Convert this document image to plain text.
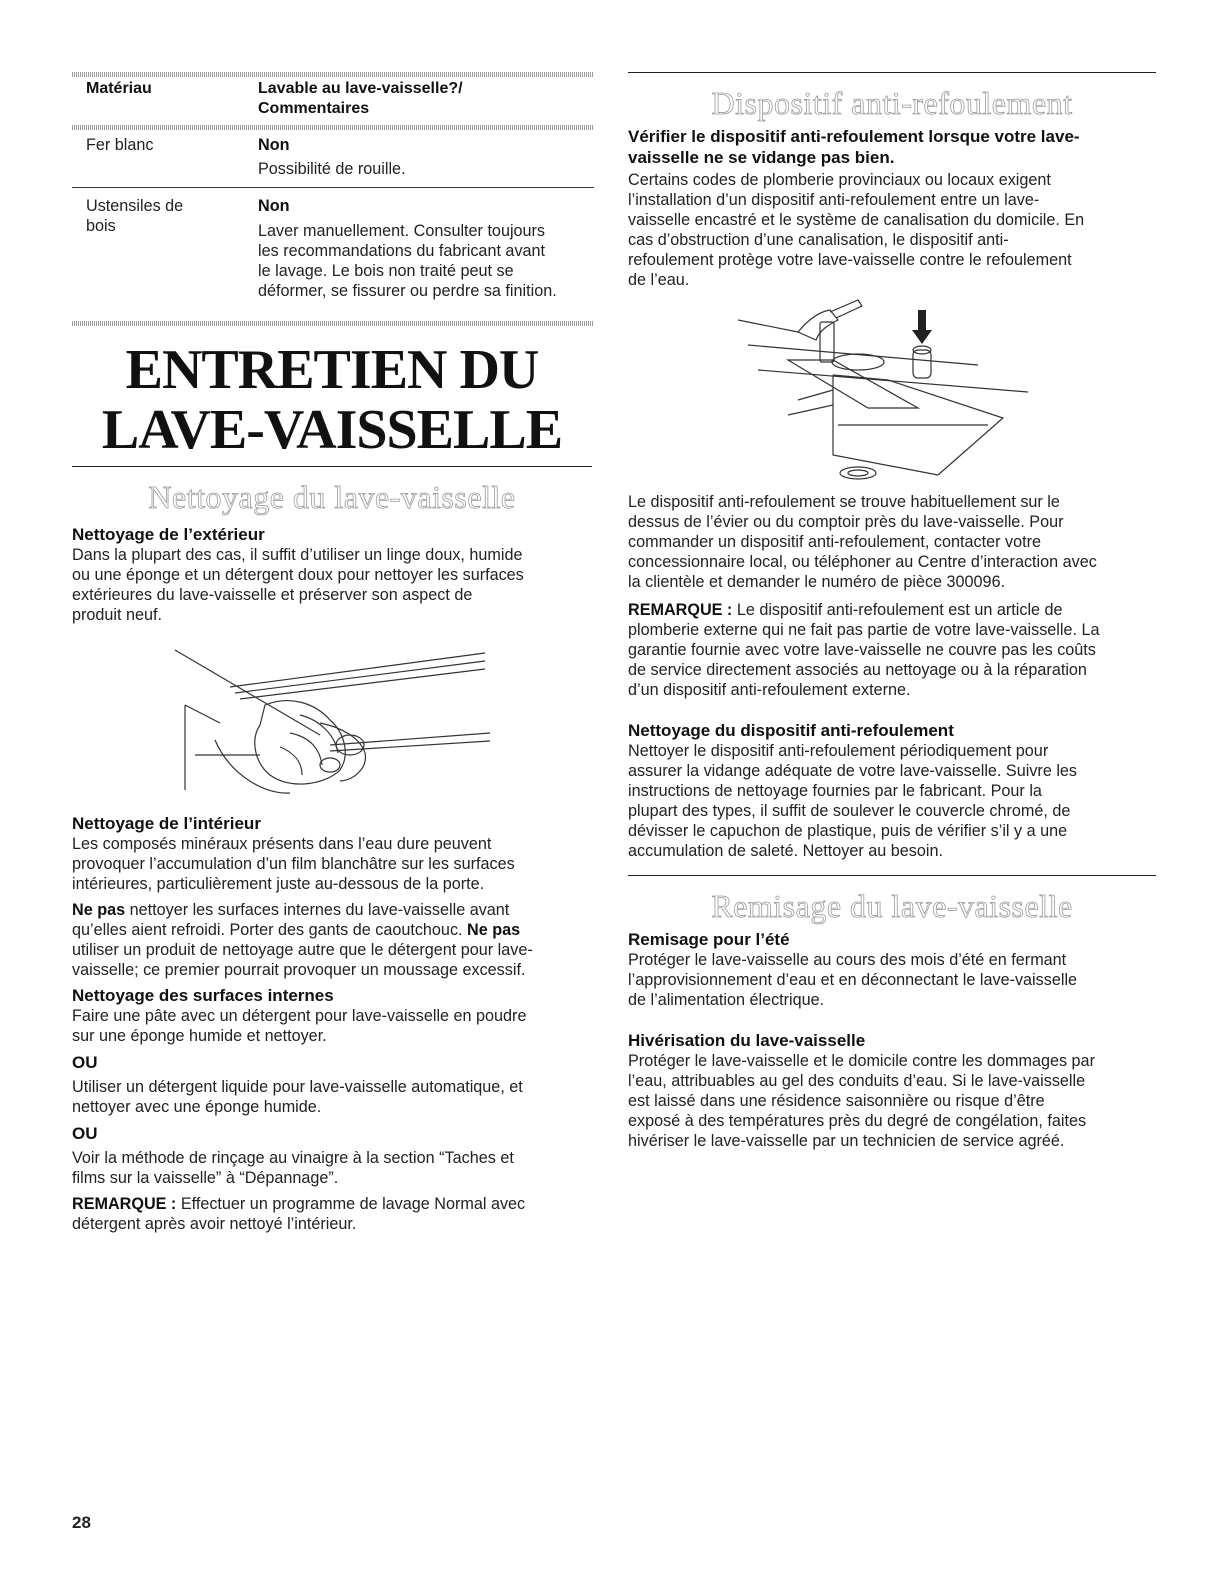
Matériau	Lavable au lave-vaisselle?/
Commentaires
Fer blanc	Non
Possibilité de rouille.
Ustensiles de
bois
Non
Laver manuellement. Consulter toujours
les recommandations du fabricant avant
le lavage. Le bois non traité peut se
déformer, se fissurer ou perdre sa finition.
ENTRETIEN DU
LAVE-VAISSELLE
Nettoyage du lave-vaisselle
Nettoyage de l’extérieur

Dans la plupart des cas, il suffit d’utiliser un linge doux, humide

ou une éponge et un détergent doux pour nettoyer les surfaces

extérieures du lave-vaisselle et préserver son aspect de

produit neuf.

Nettoyage de l’intérieur

Les composés minéraux présents dans l’eau dure peuvent

provoquer l’accumulation d’un film blanchâtre sur les surfaces

intérieures, particulièrement juste au-dessous de la porte.

Ne pas nettoyer les surfaces internes du lave-vaisselle avant

qu’elles aient refroidi. Porter des gants de caoutchouc. Ne pas

utiliser un produit de nettoyage autre que le détergent pour lave-

vaisselle; ce premier pourrait provoquer un moussage excessif.

Nettoyage des surfaces internes

Faire une pâte avec un détergent pour lave-vaisselle en poudre

sur une éponge humide et nettoyer.

OU

Utiliser un détergent liquide pour lave-vaisselle automatique, et

nettoyer avec une éponge humide.

OU

Voir la méthode de rinçage au vinaigre à la section “Taches et

films sur la vaisselle” à “Dépannage”.

REMARQUE : Effectuer un programme de lavage Normal avec

détergent après avoir nettoyé l’intérieur.

Dispositif anti-refoulement
Vérifier le dispositif anti-refoulement lorsque votre lave-
vaisselle ne se vidange pas bien.

Certains codes de plomberie provinciaux ou locaux exigent

l’installation d’un dispositif anti-refoulement entre un lave-

vaisselle encastré et le système de canalisation du domicile. En

cas d’obstruction d’une canalisation, le dispositif anti-

refoulement protège votre lave-vaisselle contre le refoulement

de l’eau.

Le dispositif anti-refoulement se trouve habituellement sur le

dessus de l’évier ou du comptoir près du lave-vaisselle. Pour

commander un dispositif anti-refoulement, contacter votre

concessionnaire local, ou téléphoner au Centre d’interaction avec

la clientèle et demander le numéro de pièce 300096.

REMARQUE : Le dispositif anti-refoulement est un article de

plomberie externe qui ne fait pas partie de votre lave-vaisselle. La

garantie fournie avec votre lave-vaisselle ne couvre pas les coûts

de service directement associés au nettoyage ou à la réparation

d’un dispositif anti-refoulement externe.

Nettoyage du dispositif anti-refoulement

Nettoyer le dispositif anti-refoulement périodiquement pour

assurer la vidange adéquate de votre lave-vaisselle. Suivre les

instructions de nettoyage fournies par le fabricant. Pour la

plupart des types, il suffit de soulever le couvercle chromé, de

dévisser le capuchon de plastique, puis de vérifier s’il y a une

accumulation de saleté. Nettoyer au besoin.

Remisage du lave-vaisselle
Remisage pour l’été

Protéger le lave-vaisselle au cours des mois d’été en fermant

l’approvisionnement d’eau et en déconnectant le lave-vaisselle

de l’alimentation électrique.

Hivérisation du lave-vaisselle

Protéger le lave-vaisselle et le domicile contre les dommages par

l’eau, attribuables au gel des conduits d’eau. Si le lave-vaisselle

est laissé dans une résidence saisonnière ou risque d’être

exposé à des températures près du degré de congélation, faites

hivériser le lave-vaisselle par un technicien de service agréé.

28
